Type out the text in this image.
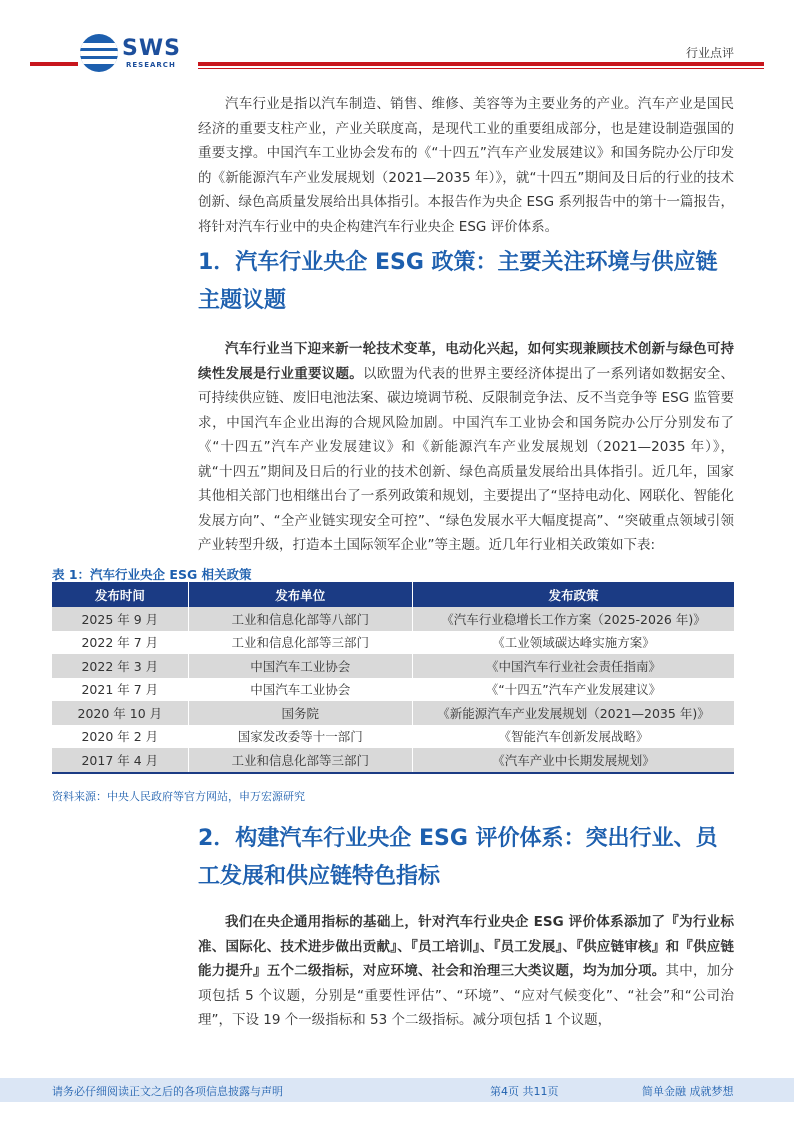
SWS
RESEARCH
行业点评

汽车行业是指以汽车制造、销售、维修、美容等为主要业务的产业。汽车产业是国民经济的重要支柱产业，产业关联度高，是现代工业的重要组成部分，也是建设制造强国的重要支撑。中国汽车工业协会发布的《“十四五”汽车产业发展建议》和国务院办公厅印发的《新能源汽车产业发展规划（2021—2035 年）》，就“十四五”期间及日后的行业的技术创新、绿色高质量发展给出具体指引。本报告作为央企 ESG 系列报告中的第十一篇报告，将针对汽车行业中的央企构建汽车行业央企 ESG 评价体系。

1．汽车行业央企 ESG 政策：主要关注环境与供应链主题议题

汽车行业当下迎来新一轮技术变革，电动化兴起，如何实现兼顾技术创新与绿色可持续性发展是行业重要议题。以欧盟为代表的世界主要经济体提出了一系列诸如数据安全、可持续供应链、废旧电池法案、碳边境调节税、反限制竞争法、反不当竞争等 ESG 监管要求，中国汽车企业出海的合规风险加剧。中国汽车工业协会和国务院办公厅分别发布了《“十四五”汽车产业发展建议》和《新能源汽车产业发展规划（2021—2035 年）》，就“十四五”期间及日后的行业的技术创新、绿色高质量发展给出具体指引。近几年，国家其他相关部门也相继出台了一系列政策和规划，主要提出了“坚持电动化、网联化、智能化发展方向”、“全产业链实现安全可控”、“绿色发展水平大幅度提高”、“突破重点领域引领产业转型升级，打造本土国际领军企业”等主题。近几年行业相关政策如下表:

表 1：汽车行业央企 ESG 相关政策
发布时间	发布单位	发布政策
2025 年 9 月	工业和信息化部等八部门	《汽车行业稳增长工作方案（2025-2026 年)》
2022 年 7 月	工业和信息化部等三部门	《工业领域碳达峰实施方案》
2022 年 3 月	中国汽车工业协会	《中国汽车行业社会责任指南》
2021 年 7 月	中国汽车工业协会	《“十四五”汽车产业发展建议》
2020 年 10 月	国务院	《新能源汽车产业发展规划（2021—2035 年)》
2020 年 2 月	国家发改委等十一部门	《智能汽车创新发展战略》
2017 年 4 月	工业和信息化部等三部门	《汽车产业中长期发展规划》
资料来源：中央人民政府等官方网站，申万宏源研究
2．构建汽车行业央企 ESG 评价体系：突出行业、员工发展和供应链特色指标

我们在央企通用指标的基础上，针对汽车行业央企 ESG 评价体系添加了『为行业标准、国际化、技术进步做出贡献』、『员工培训』、『员工发展』、『供应链审核』和『供应链能力提升』五个二级指标，对应环境、社会和治理三大类议题，均为加分项。其中，加分项包括 5 个议题，分别是“重要性评估”、“环境”、“应对气候变化”、“社会”和“公司治理”，下设 19 个一级指标和 53 个二级指标。减分项包括 1 个议题，

请务必仔细阅读正文之后的各项信息披露与声明	第4页 共11页	简单金融 成就梦想
